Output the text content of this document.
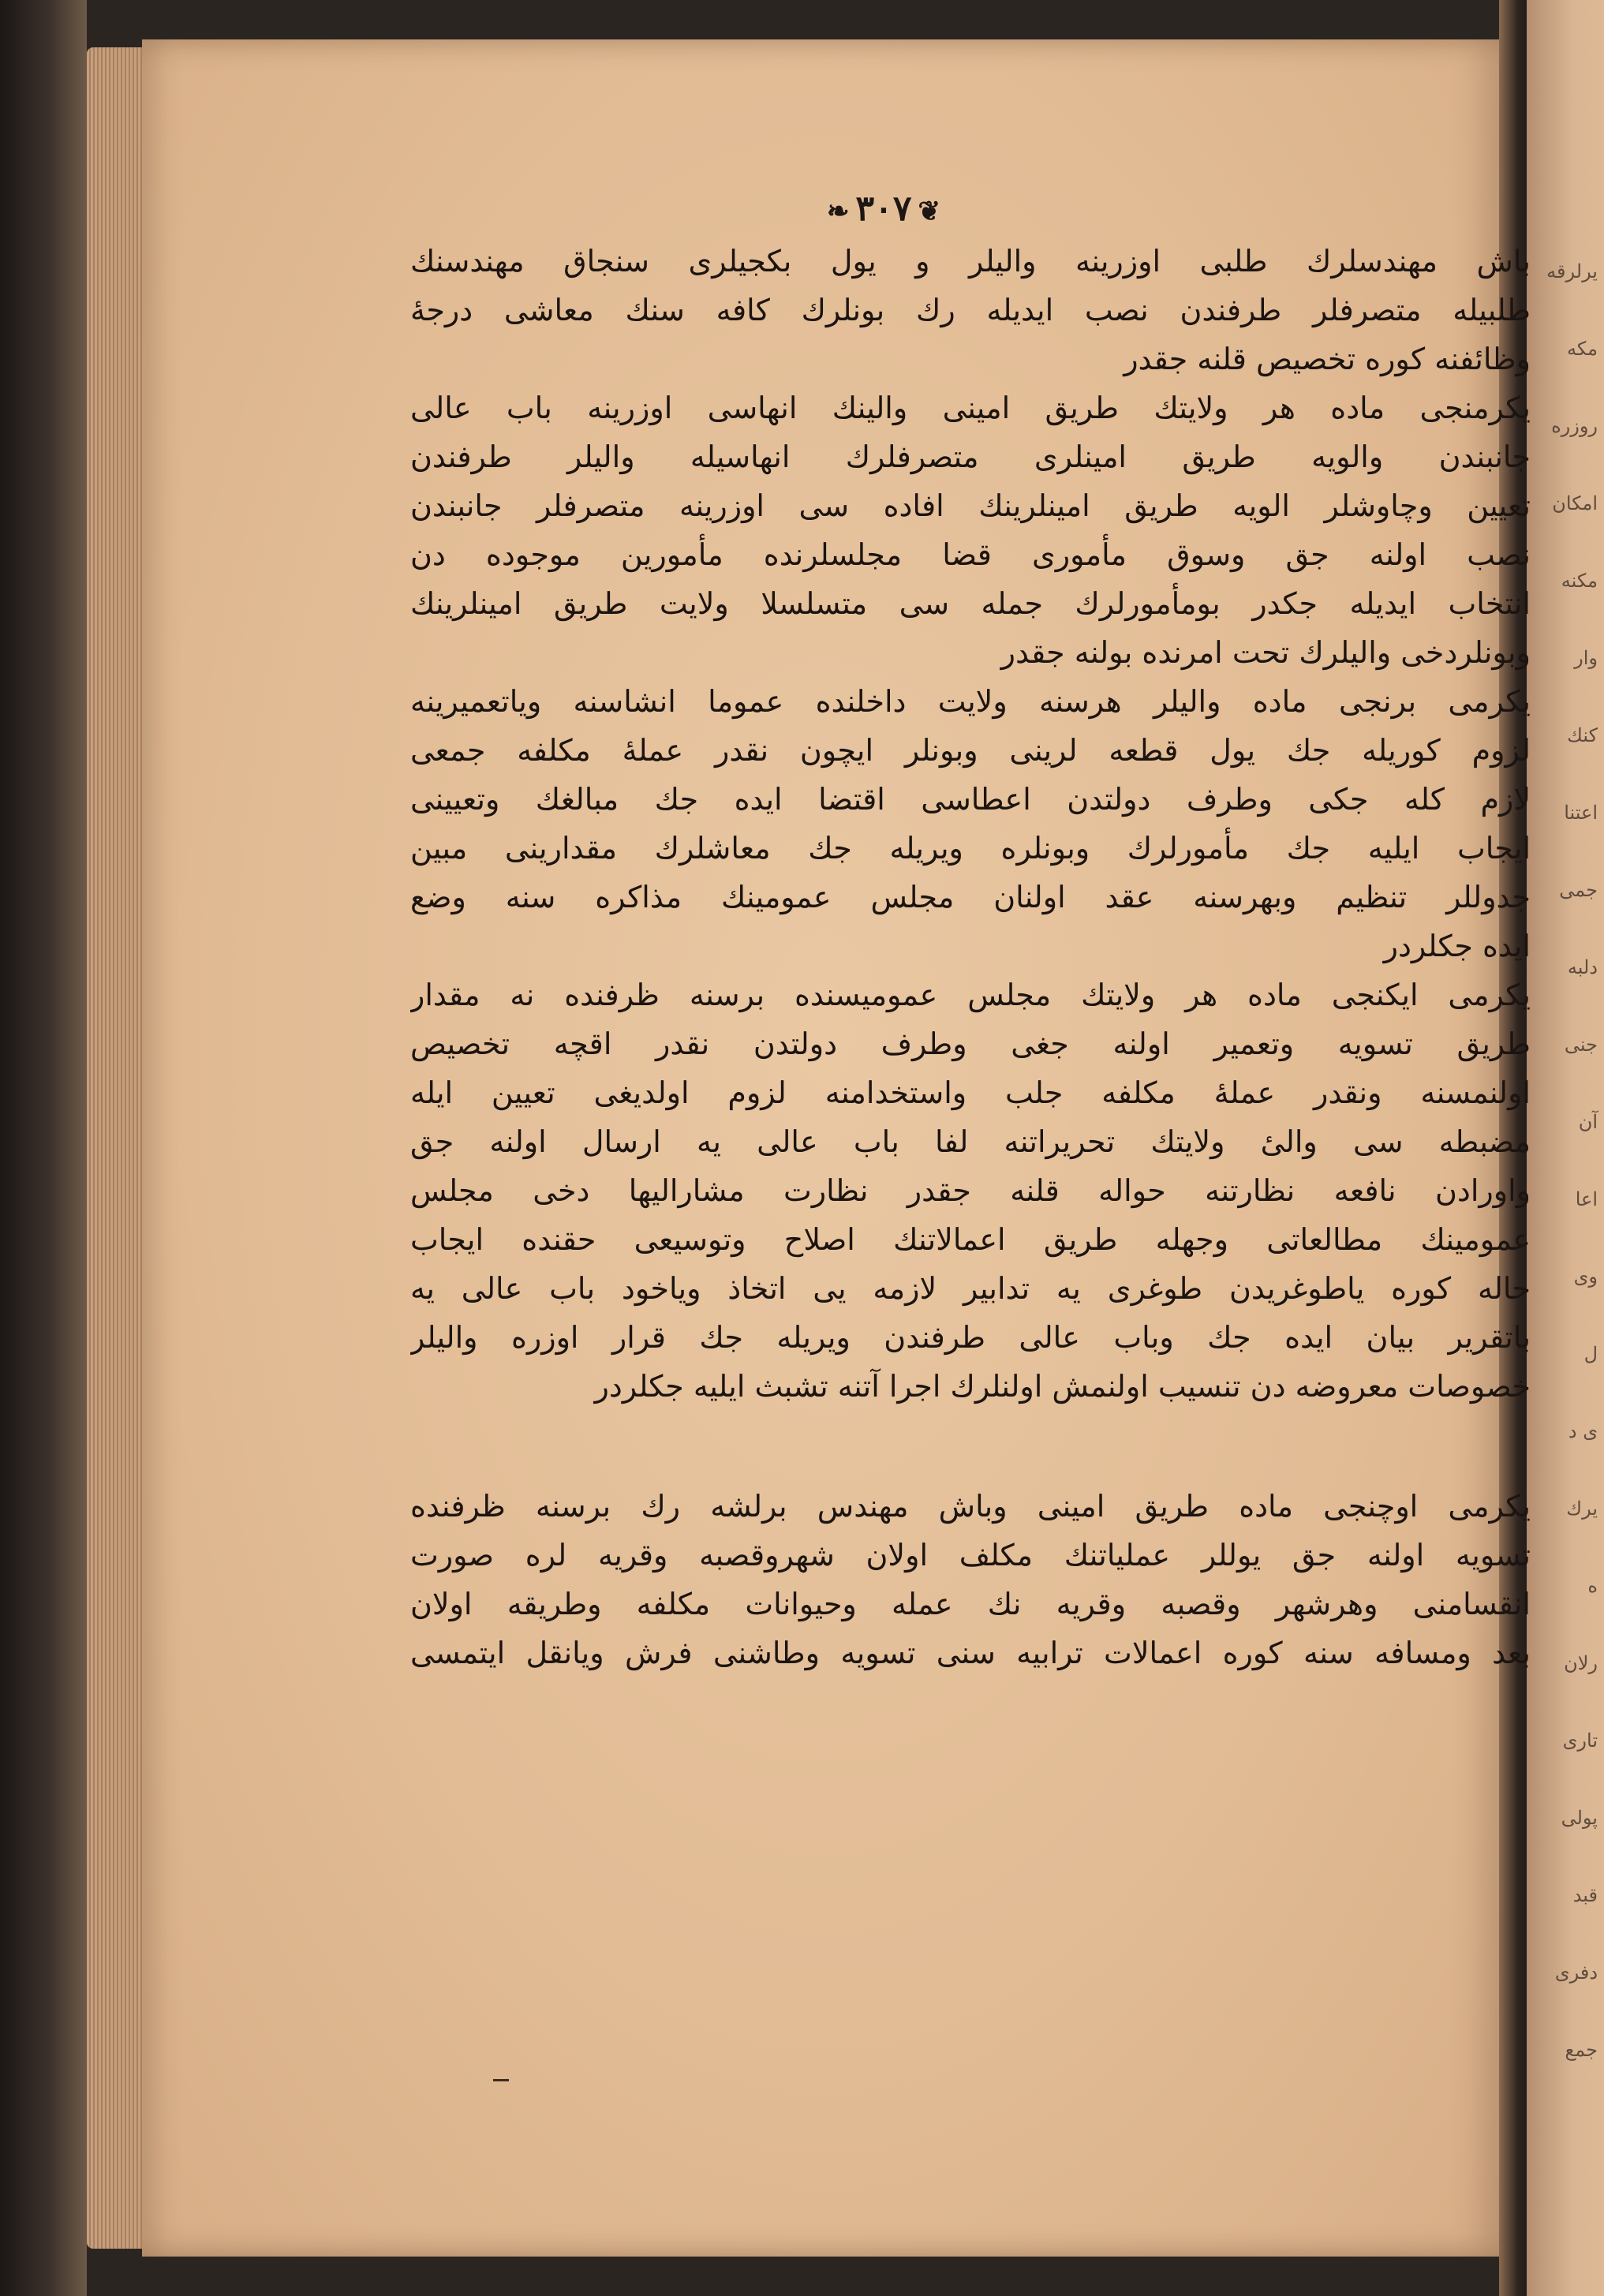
یرلرقه
مكه
روزره
امكان
مكنه
وار
كنك
اعتنا
جمی
دلبه
جنی
آن
اعا
وی
ل
ی د
یرك
ه
رلان
تاری
پولی
قبد
دفری
جمع
❦٣٠٧❧
باش مهندسلرك طلبی اوزرینه والیلر و یول بکجیلری سنجاق مهندسنك
طلبیله متصرفلر طرفندن نصب ایدیله رك بونلرك كافه سنك معاشی درجهٔ
وظائفنه كوره تخصیص قلنه جقدر
یكرمنجی ماده هر ولایتك طریق امینی والینك انهاسی اوزرینه باب عالی
جانبندن والویه طریق امینلری متصرفلرك انهاسیله والیلر طرفندن
تعیین وچاوشلر الویه طریق امینلرینك افاده سی اوزرینه متصرفلر جانبندن
نصب اولنه جق وسوق مأموری قضا مجلسلرنده مأمورین موجوده دن
انتخاب ایدیله جكدر بومأمورلرك جمله سی متسلسلا ولایت طریق امینلرینك
وبونلردخی والیلرك تحت امرنده بولنه جقدر
یكرمی برنجی ماده والیلر هرسنه ولایت داخلنده عموما انشاسنه ویاتعمیرینه
لزوم كوریله جك یول قطعه لرینی وبونلر ایچون نقدر عملهٔ مكلفه جمعی
لازم كله جكی وطرف دولتدن اعطاسی اقتضا ایده جك مبالغك وتعیینی
ایجاب ایلیه جك مأمورلرك وبونلره ویریله جك معاشلرك مقدارینی مبین
جدوللر تنظیم وبهرسنه عقد اولنان مجلس عمومینك مذاكره سنه وضع
ایده جكلردر
یكرمی ایكنجی ماده هر ولایتك مجلس عمومیسنده برسنه ظرفنده نه مقدار
طریق تسویه وتعمیر اولنه جغی وطرف دولتدن نقدر اقچه تخصیص
اولنمسنه ونقدر عملهٔ مكلفه جلب واستخدامنه لزوم اولدیغی تعیین ایله
مضبطه سی والیٔ ولایتك تحریراتنه لفا باب عالی یه ارسال اولنه جق
واورادن نافعه نظارتنه حواله قلنه جقدر نظارت مشارالیها دخی مجلس
عمومینك مطالعاتی وجهله طریق اعمالاتنك اصلاح وتوسیعی حقنده ایجاب
حاله كوره یاطوغریدن طوغری یه تدابیر لازمه یی اتخاذ ویاخود باب عالی یه
باتقریر بیان ایده جك وباب عالی طرفندن ویریله جك قرار اوزره والیلر
خصوصات معروضه دن تنسیب اولنمش اولنلرك اجرا آتنه تشبث ایلیه جكلردر
یكرمی اوچنجی ماده طریق امینی وباش مهندس برلشه رك برسنه ظرفنده
تسویه اولنه جق یوللر عملیاتنك مكلف اولان شهروقصبه وقریه لره صورت
انقسامنی وهرشهر وقصبه وقریه نك عمله وحیوانات مكلفه وطریقه اولان
بعد ومسافه سنه كوره اعمالات ترابیه سنی تسویه وطاشنی فرش ویانقل ایتمسی
